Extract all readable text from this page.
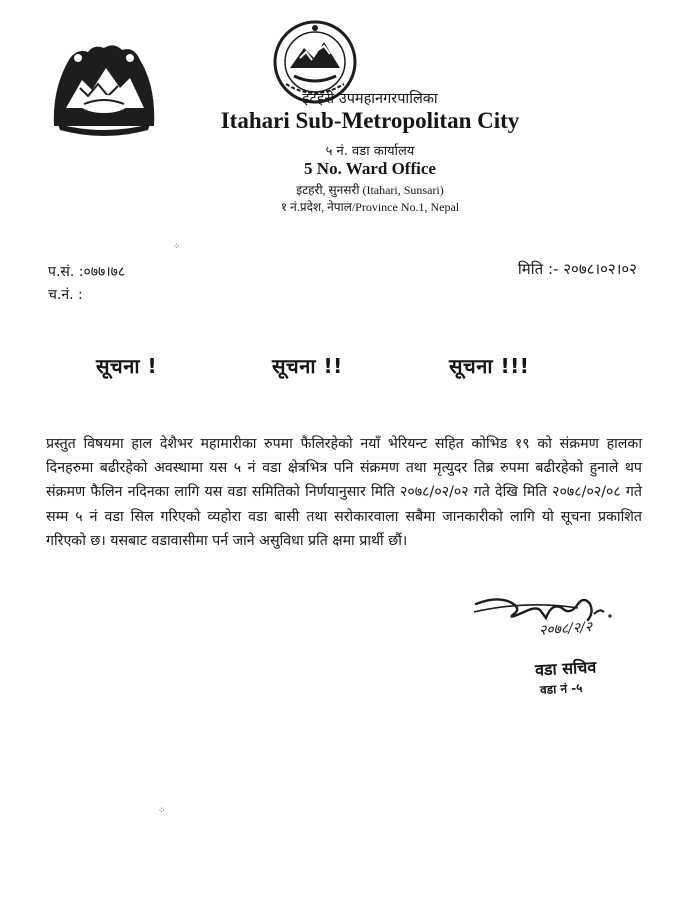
इटहरी उपमहानगरपालिका
Itahari Sub-Metropolitan City
५ नं. वडा कार्यालय
5 No. Ward Office
इटहरी, सुनसरी (Itahari, Sunsari)
१ नं.प्रदेश, नेपाल/Province No.1, Nepal
⁘
प.सं. :०७७।७८
च.नं. :
मिति :- २०७८।०२।०२
सूचना !	सूचना !!	सूचना !!!

प्रस्तुत विषयमा हाल देशैभर महामारीका रुपमा फैलिरहेको नयाँ भेरियन्ट सहित कोभिड १९ को संक्रमण हालका दिनहरुमा बढीरहेको अवस्थामा यस ५ नं वडा क्षेत्रभित्र पनि संक्रमण तथा मृत्युदर तिब्र रुपमा बढीरहेको हुनाले थप संक्रमण फैलिन नदिनका लागि यस वडा समितिको निर्णयानुसार मिति २०७८/०२/०२ गते देखि मिति २०७८/०२/०८ गते सम्म ५ नं वडा सिल गरिएको व्यहोरा वडा बासी तथा सरोकारवाला सबैमा जानकारीको लागि यो सूचना प्रकाशित गरिएको छ। यसबाट वडावासीमा पर्न जाने असुविधा प्रति क्षमा प्रार्थी छौं।

२०७८/२/२
वडा सचिव
वडा नं -५
⁘
